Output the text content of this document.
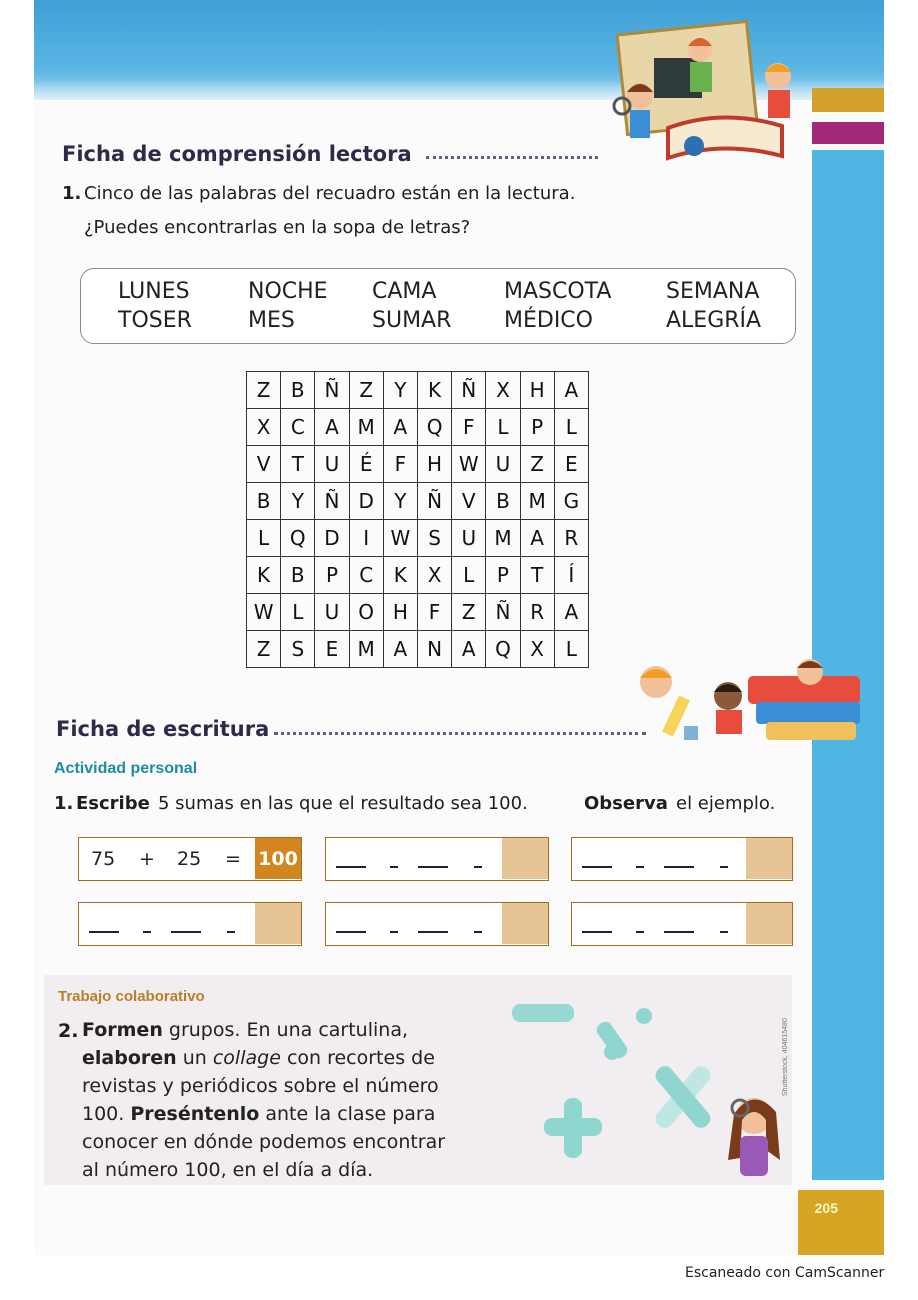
Ficha de comprensión lectora
1. Cinco de las palabras del recuadro están en la lectura.
¿Puedes encontrarlas en la sopa de letras?
LUNES	NOCHE CAMA	MASCOTA SEMANA
TOSER	MES	SUMAR MÉDICO	ALEGRÍA
Z	B	Ñ	Z	Y	K	Ñ	X	H	A
X	C	A	M	A	Q	F	L	P	L
V	T	U	É	F	H	W	U	Z	E
B	Y	Ñ	D	Y	Ñ	V	B	M	G
L	Q	D	I	W	S	U	M	A	R
K	B	P	C	K	X	L	P	T	Í
W	L	U	O	H	F	Z	Ñ	R	A
Z	S	E	M	A	N	A	Q	X	L
Ficha de escritura
Actividad personal
1. Escribe 5 sumas en las que el resultado sea 100.	Observa el ejemplo.
75 + 25 = 100
Trabajo colaborativo
2. Formen grupos. En una cartulina,
elaboren un collage con recortes de
revistas y periódicos sobre el número
100. Preséntenlo ante la clase para
conocer en dónde podemos encontrar
al número 100, en el día a día.
Shutterstock, 404615480
205
Escaneado con CamScanner
